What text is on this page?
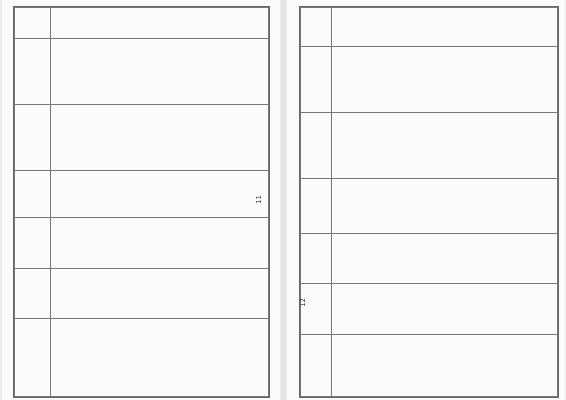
11

12
